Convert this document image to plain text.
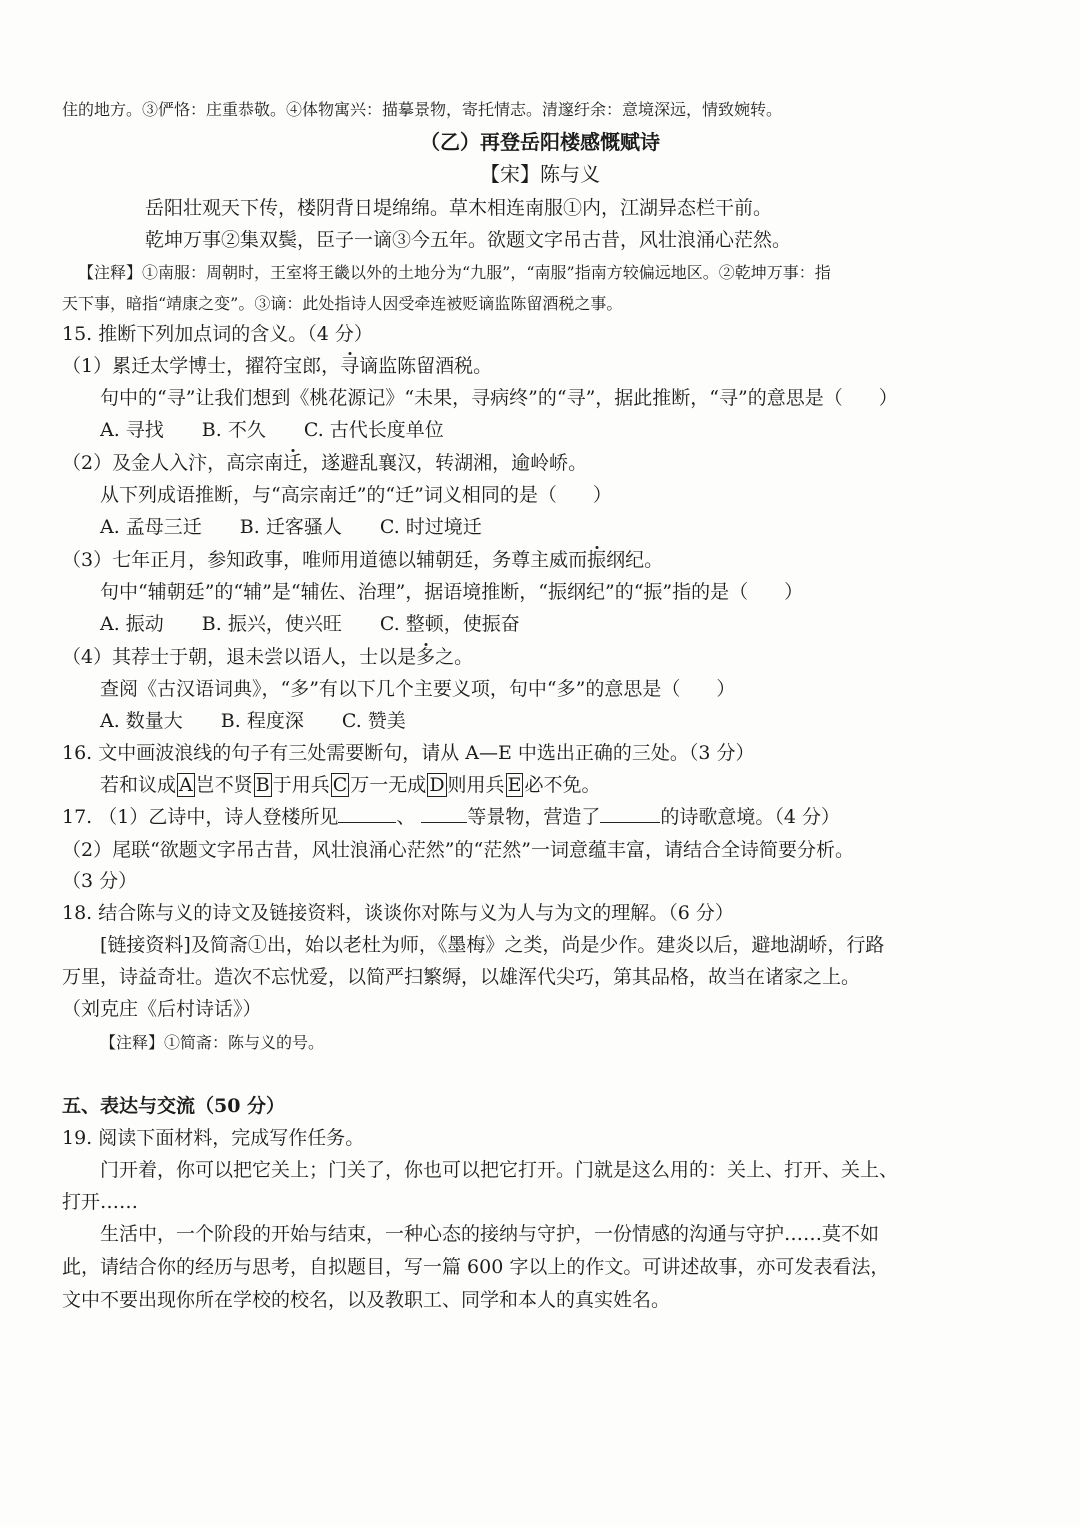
住的地方。③俨恪：庄重恭敬。④体物寓兴：描摹景物，寄托情志。清邃纡余：意境深远，情致婉转。
（乙）再登岳阳楼感慨赋诗
【宋】陈与义
岳阳壮观天下传，楼阴背日堤绵绵。草木相连南服①内，江湖异态栏干前。
乾坤万事②集双鬓，臣子一谪③今五年。欲题文字吊古昔，风壮浪涌心茫然。
【注释】①南服：周朝时，王室将王畿以外的土地分为“九服”，“南服”指南方较偏远地区。②乾坤万事：指
天下事，暗指“靖康之变”。③谪：此处指诗人因受牵连被贬谪监陈留酒税之事。
15. 推断下列加点词的含义。（4 分）
（1）累迁太学博士，擢符宝郎，寻谪监陈留酒税。
句中的“寻”让我们想到《桃花源记》“未果，寻病终”的“寻”，据此推断，“寻”的意思是（ ）
A. 寻找　　B. 不久　　C. 古代长度单位
（2）及金人入汴，高宗南迁，遂避乱襄汉，转湖湘，逾岭峤。
从下列成语推断，与“高宗南迁”的“迁”词义相同的是（ ）
A. 孟母三迁　　B. 迁客骚人　　C. 时过境迁
（3）七年正月，参知政事，唯师用道德以辅朝廷，务尊主威而振纲纪。
句中“辅朝廷”的“辅”是“辅佐、治理”，据语境推断，“振纲纪”的“振”指的是（ ）
A. 振动　　B. 振兴，使兴旺　　C. 整顿，使振奋
（4）其荐士于朝，退未尝以语人，士以是多之。
查阅《古汉语词典》，“多”有以下几个主要义项，句中“多”的意思是（ ）
A. 数量大　　B. 程度深　　C. 赞美
16. 文中画波浪线的句子有三处需要断句，请从 A—E 中选出正确的三处。（3 分）
若和议成 A 岂不贤 B 于用兵 C 万一无成 D 则用兵 E 必不免。
17. （1）乙诗中，诗人登楼所见	、	等景物，营造了	的诗歌意境。（4 分）
（2）尾联“欲题文字吊古昔，风壮浪涌心茫然”的“茫然”一词意蕴丰富，请结合全诗简要分析。
（3 分）
18. 结合陈与义的诗文及链接资料，谈谈你对陈与义为人与为文的理解。（6 分）
[链接资料]及简斋①出，始以老杜为师，《墨梅》之类，尚是少作。建炎以后，避地湖峤，行路
万里，诗益奇壮。造次不忘忧爱，以简严扫繁缛，以雄浑代尖巧，第其品格，故当在诸家之上。
（刘克庄《后村诗话》）
【注释】①简斋：陈与义的号。
五、表达与交流（50 分）
19. 阅读下面材料，完成写作任务。
门开着，你可以把它关上；门关了，你也可以把它打开。门就是这么用的：关上、打开、关上、
打开……
生活中，一个阶段的开始与结束，一种心态的接纳与守护，一份情感的沟通与守护……莫不如
此，请结合你的经历与思考，自拟题目，写一篇 600 字以上的作文。可讲述故事，亦可发表看法，
文中不要出现你所在学校的校名，以及教职工、同学和本人的真实姓名。
